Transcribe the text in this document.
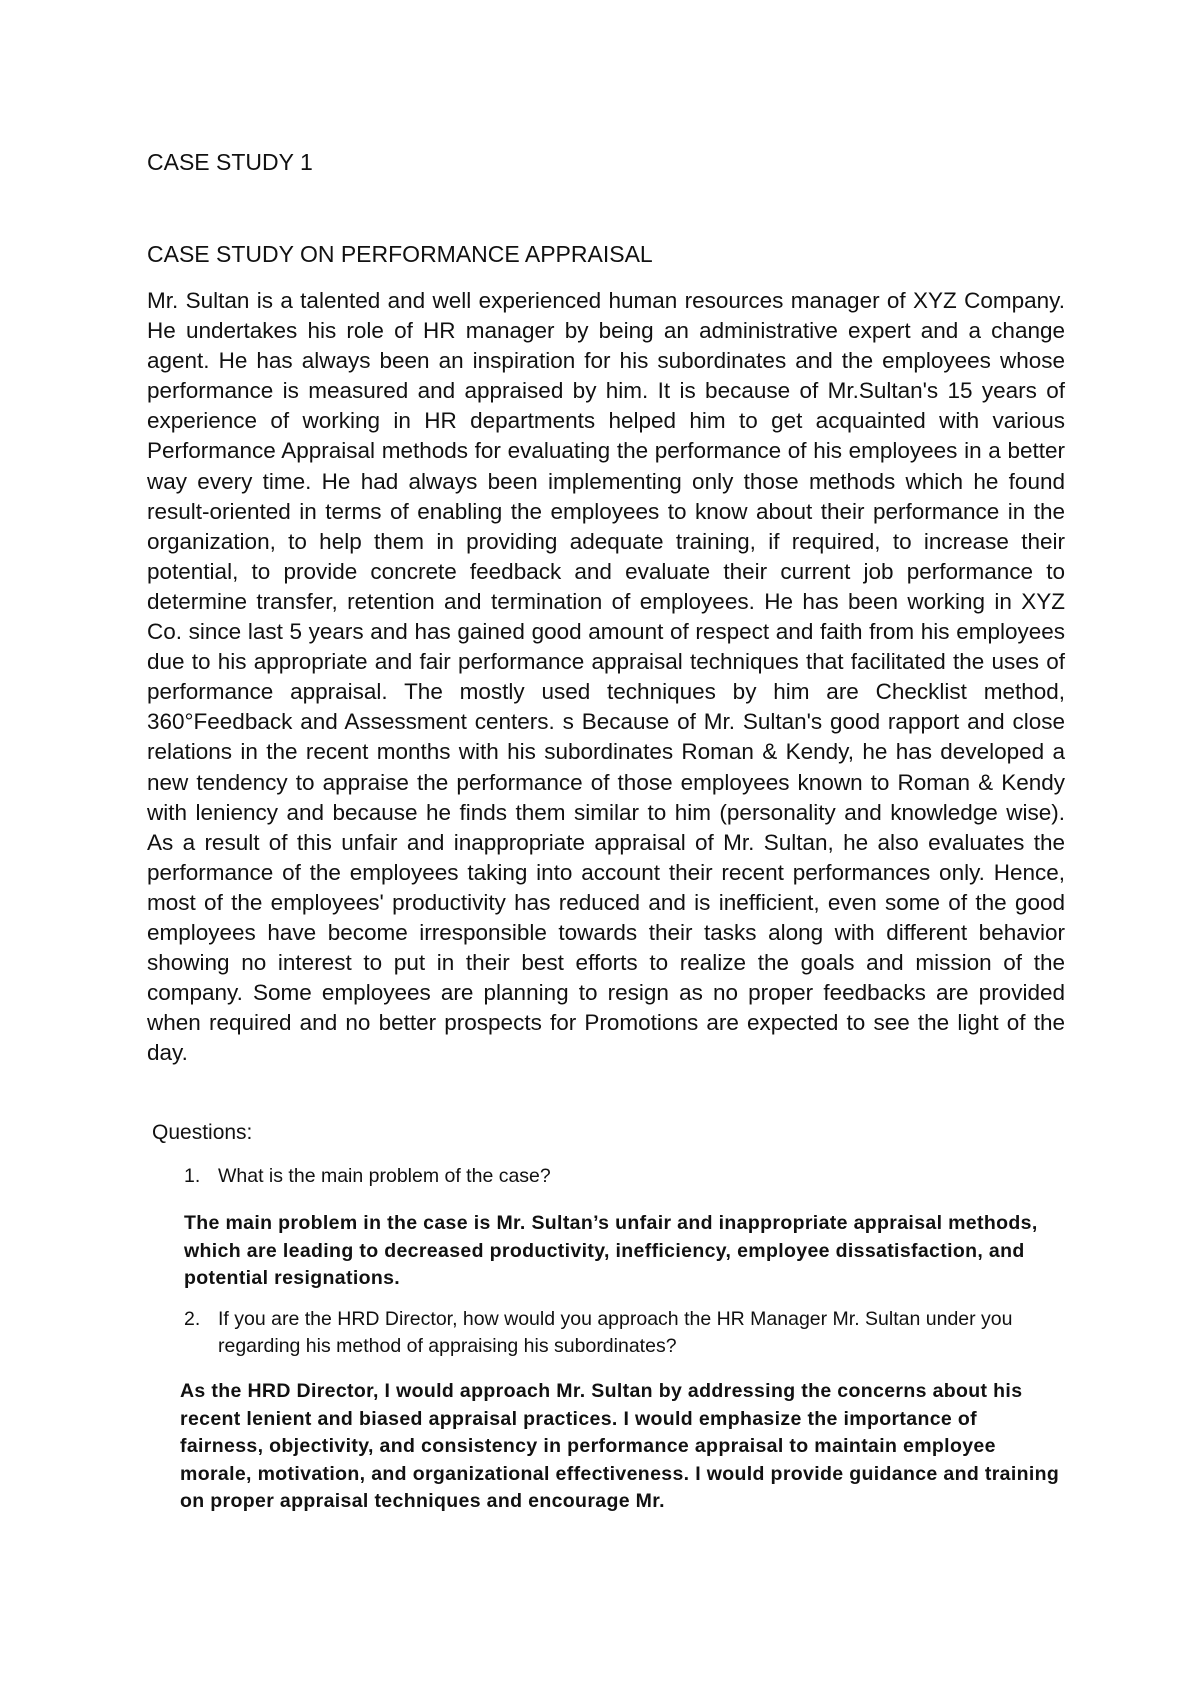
CASE STUDY 1
CASE STUDY ON PERFORMANCE APPRAISAL

Mr. Sultan is a talented and well experienced human resources manager of XYZ Company. He undertakes his role of HR manager by being an administrative expert and a change agent. He has always been an inspiration for his subordinates and the employees whose performance is measured and appraised by him. It is because of Mr.Sultan's 15 years of experience of working in HR departments helped him to get acquainted with various Performance Appraisal methods for evaluating the performance of his employees in a better way every time. He had always been implementing only those methods which he found result-oriented in terms of enabling the employees to know about their performance in the organization, to help them in providing adequate training, if required, to increase their potential, to provide concrete feedback and evaluate their current job performance to determine transfer, retention and termination of employees. He has been working in XYZ Co. since last 5 years and has gained good amount of respect and faith from his employees due to his appropriate and fair performance appraisal techniques that facilitated the uses of performance appraisal. The mostly used techniques by him are Checklist method, 360°Feedback and Assessment centers. s Because of Mr. Sultan's good rapport and close relations in the recent months with his subordinates Roman & Kendy, he has developed a new tendency to appraise the performance of those employees known to Roman & Kendy with leniency and because he finds them similar to him (personality and knowledge wise). As a result of this unfair and inappropriate appraisal of Mr. Sultan, he also evaluates the performance of the employees taking into account their recent performances only. Hence, most of the employees' productivity has reduced and is inefficient, even some of the good employees have become irresponsible towards their tasks along with different behavior showing no interest to put in their best efforts to realize the goals and mission of the company. Some employees are planning to resign as no proper feedbacks are provided when required and no better prospects for Promotions are expected to see the light of the day.

Questions:

1. What is the main problem of the case?

The main problem in the case is Mr. Sultan’s unfair and inappropriate appraisal methods, which are leading to decreased productivity, inefficiency, employee dissatisfaction, and potential resignations.

2. If you are the HRD Director, how would you approach the HR Manager Mr. Sultan under you regarding his method of appraising his subordinates?

As the HRD Director, I would approach Mr. Sultan by addressing the concerns about his recent lenient and biased appraisal practices. I would emphasize the importance of fairness, objectivity, and consistency in performance appraisal to maintain employee morale, motivation, and organizational effectiveness. I would provide guidance and training on proper appraisal techniques and encourage Mr.
